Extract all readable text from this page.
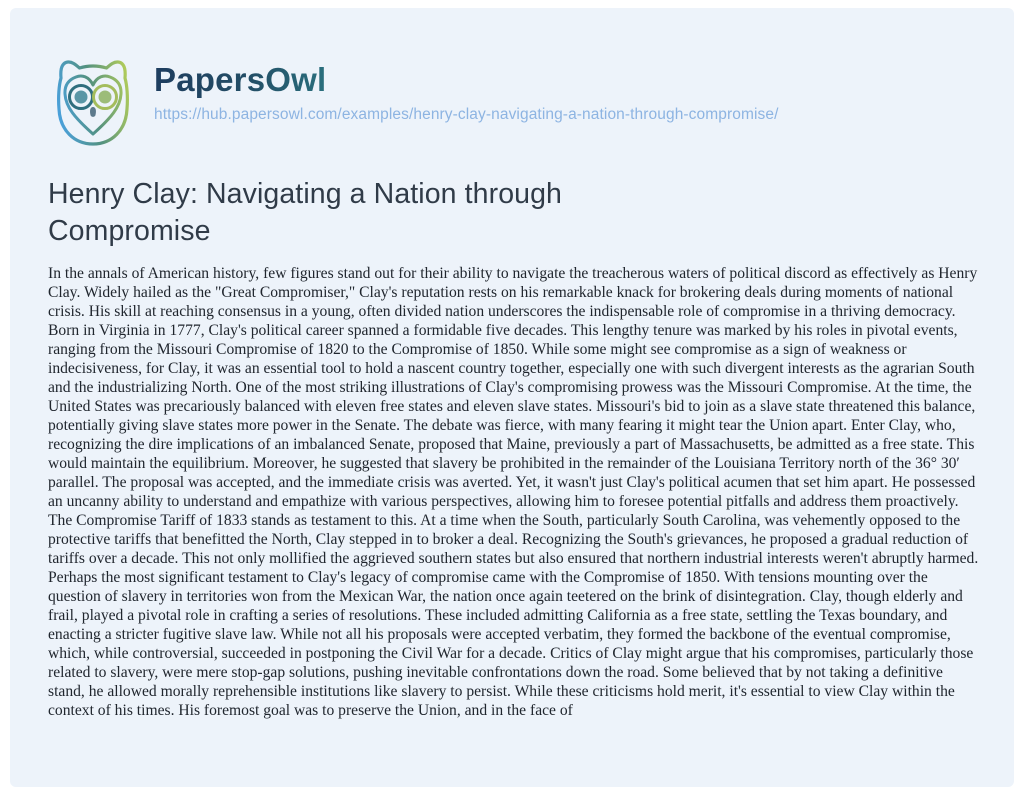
PapersOwl
https://hub.papersowl.com/examples/henry-clay-navigating-a-nation-through-compromise/
Henry Clay: Navigating a Nation through Compromise

In the annals of American history, few figures stand out for their ability to navigate the treacherous waters of political discord as effectively as Henry Clay. Widely hailed as the "Great Compromiser," Clay's reputation rests on his remarkable knack for brokering deals during moments of national crisis. His skill at reaching consensus in a young, often divided nation underscores the indispensable role of compromise in a thriving democracy. Born in Virginia in 1777, Clay's political career spanned a formidable five decades. This lengthy tenure was marked by his roles in pivotal events, ranging from the Missouri Compromise of 1820 to the Compromise of 1850. While some might see compromise as a sign of weakness or indecisiveness, for Clay, it was an essential tool to hold a nascent country together, especially one with such divergent interests as the agrarian South and the industrializing North. One of the most striking illustrations of Clay's compromising prowess was the Missouri Compromise. At the time, the United States was precariously balanced with eleven free states and eleven slave states. Missouri's bid to join as a slave state threatened this balance, potentially giving slave states more power in the Senate. The debate was fierce, with many fearing it might tear the Union apart. Enter Clay, who, recognizing the dire implications of an imbalanced Senate, proposed that Maine, previously a part of Massachusetts, be admitted as a free state. This would maintain the equilibrium. Moreover, he suggested that slavery be prohibited in the remainder of the Louisiana Territory north of the 36° 30′ parallel. The proposal was accepted, and the immediate crisis was averted. Yet, it wasn't just Clay's political acumen that set him apart. He possessed an uncanny ability to understand and empathize with various perspectives, allowing him to foresee potential pitfalls and address them proactively. The Compromise Tariff of 1833 stands as testament to this. At a time when the South, particularly South Carolina, was vehemently opposed to the protective tariffs that benefitted the North, Clay stepped in to broker a deal. Recognizing the South's grievances, he proposed a gradual reduction of tariffs over a decade. This not only mollified the aggrieved southern states but also ensured that northern industrial interests weren't abruptly harmed. Perhaps the most significant testament to Clay's legacy of compromise came with the Compromise of 1850. With tensions mounting over the question of slavery in territories won from the Mexican War, the nation once again teetered on the brink of disintegration. Clay, though elderly and frail, played a pivotal role in crafting a series of resolutions. These included admitting California as a free state, settling the Texas boundary, and enacting a stricter fugitive slave law. While not all his proposals were accepted verbatim, they formed the backbone of the eventual compromise, which, while controversial, succeeded in postponing the Civil War for a decade. Critics of Clay might argue that his compromises, particularly those related to slavery, were mere stop-gap solutions, pushing inevitable confrontations down the road. Some believed that by not taking a definitive stand, he allowed morally reprehensible institutions like slavery to persist. While these criticisms hold merit, it's essential to view Clay within the context of his times. His foremost goal was to preserve the Union, and in the face of
